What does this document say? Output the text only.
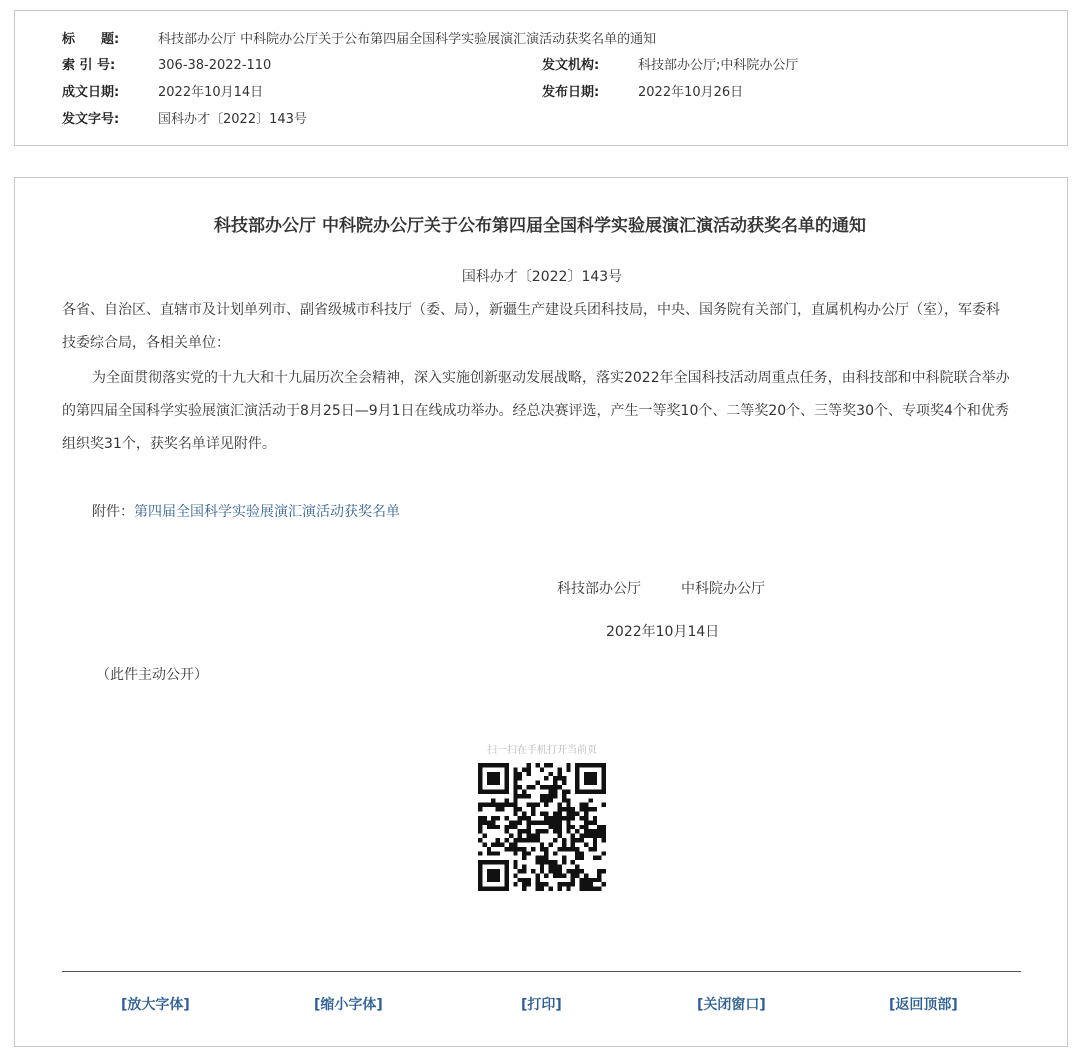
标　　题:	科技部办公厅 中科院办公厅关于公布第四届全国科学实验展演汇演活动获奖名单的通知
索 引 号:	306-38-2022-110	发文机构:	科技部办公厅;中科院办公厅
成文日期:	2022年10月14日	发布日期:	2022年10月26日
发文字号:	国科办才〔2022〕143号
科技部办公厅 中科院办公厅关于公布第四届全国科学实验展演汇演活动获奖名单的通知
国科办才〔2022〕143号
各省、自治区、直辖市及计划单列市、副省级城市科技厅（委、局），新疆生产建设兵团科技局，中央、国务院有关部门，直属机构办公厅（室），军委科技委综合局，各相关单位：
为全面贯彻落实党的十九大和十九届历次全会精神，深入实施创新驱动发展战略，落实2022年全国科技活动周重点任务，由科技部和中科院联合举办的第四届全国科学实验展演汇演活动于8月25日—9月1日在线成功举办。经总决赛评选，产生一等奖10个、二等奖20个、三等奖30个、专项奖4个和优秀组织奖31个，获奖名单详见附件。
附件：第四届全国科学实验展演汇演活动获奖名单
科技部办公厅	中科院办公厅
2022年10月14日
（此件主动公开）
扫一扫在手机打开当前页
[放大字体]	[缩小字体]	[打印]	[关闭窗口]	[返回顶部]
